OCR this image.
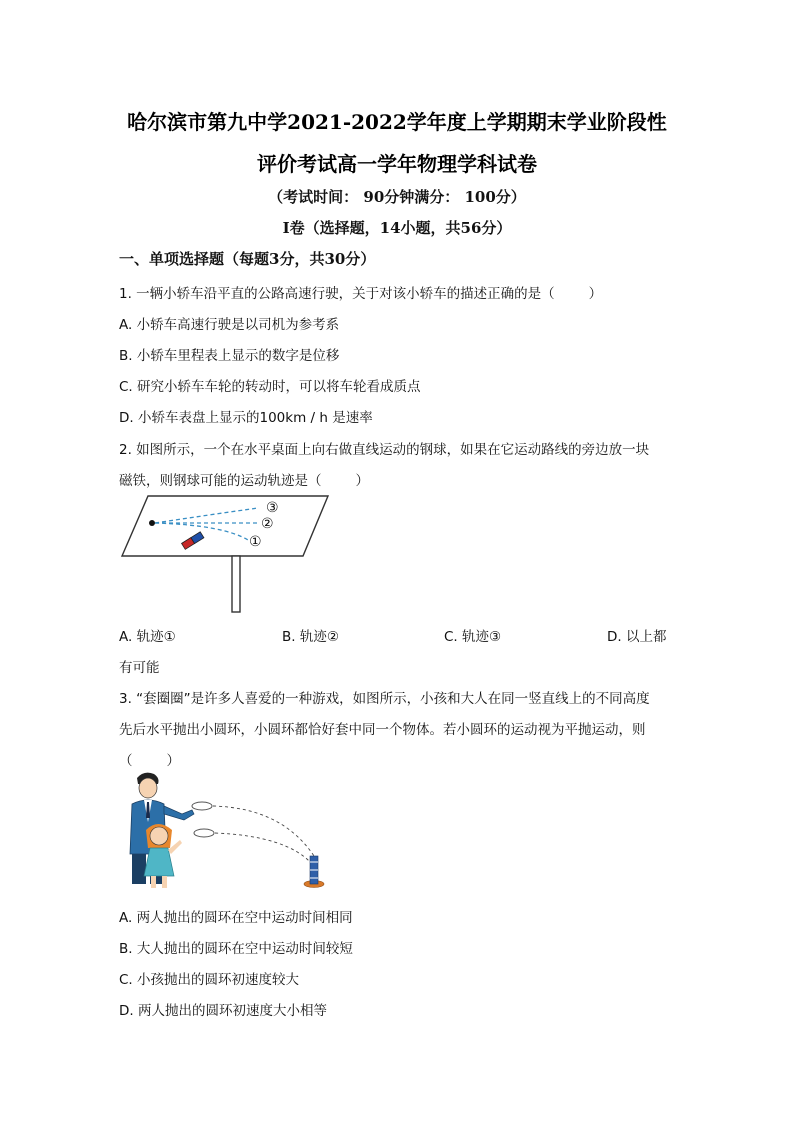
哈尔滨市第九中学2021-2022学年度上学期期末学业阶段性
评价考试高一学年物理学科试卷
（考试时间： 90分钟满分： 100分）
I卷（选择题，14小题，共56分）
一、单项选择题（每题3分，共30分）
1. 一辆小轿车沿平直的公路高速行驶，关于对该小轿车的描述正确的是（	）
A. 小轿车高速行驶是以司机为参考系
B. 小轿车里程表上显示的数字是位移
C. 研究小轿车车轮的转动时，可以将车轮看成质点
D. 小轿车表盘上显示的100km / h 是速率
2. 如图所示，一个在水平桌面上向右做直线运动的钢球，如果在它运动路线的旁边放一块
磁铁，则钢球可能的运动轨迹是（	）
③
②
①
A. 轨迹①	B. 轨迹②	C. 轨迹③	D. 以上都
有可能
3. “套圈圈”是许多人喜爱的一种游戏，如图所示，小孩和大人在同一竖直线上的不同高度
先后水平抛出小圆环，小圆环都恰好套中同一个物体。若小圆环的运动视为平抛运动，则
（	）
A. 两人抛出的圆环在空中运动时间相同
B. 大人抛出的圆环在空中运动时间较短
C. 小孩抛出的圆环初速度较大
D. 两人抛出的圆环初速度大小相等
